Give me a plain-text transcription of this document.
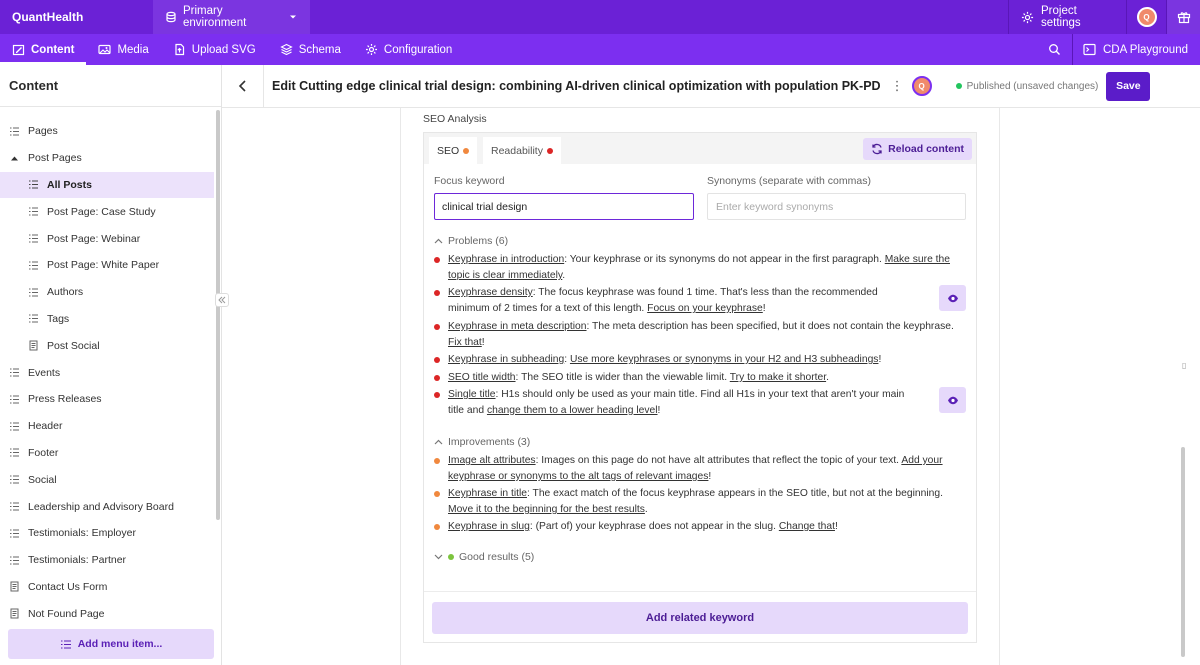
QuantHealth	Primary environment
Project settings	Q
Content	Media	Upload SVG	Schema	Configuration	CDA Playground
Content
Pages
Post Pages
All Posts
Post Page: Case Study
Post Page: Webinar
Post Page: White Paper
Authors
Tags
Post Social
Events
Press Releases
Header
Footer
Social
Leadership and Advisory Board
Testimonials: Employer
Testimonials: Partner
Contact Us Form
Not Found Page
Add menu item...
Edit Cutting edge clinical trial design: combining AI-driven clinical optimization with population PK-PD ⋮	Q	Published (unsaved changes)	Save
▯
SEO Analysis
SEO	Readability	Reload content
Focus keyword
clinical trial design
Synonyms (separate with commas)
Enter keyword synonyms
Problems (6)
Keyphrase in introduction: Your keyphrase or its synonyms do not appear in the first paragraph. Make sure the topic is clear immediately.
Keyphrase density: The focus keyphrase was found 1 time. That's less than the recommended minimum of 2 times for a text of this length. Focus on your keyphrase!
Keyphrase in meta description: The meta description has been specified, but it does not contain the keyphrase. Fix that!
Keyphrase in subheading: Use more keyphrases or synonyms in your H2 and H3 subheadings!
SEO title width: The SEO title is wider than the viewable limit. Try to make it shorter.
Single title: H1s should only be used as your main title. Find all H1s in your text that aren't your main title and change them to a lower heading level!
Improvements (3)
Image alt attributes: Images on this page do not have alt attributes that reflect the topic of your text. Add your keyphrase or synonyms to the alt tags of relevant images!
Keyphrase in title: The exact match of the focus keyphrase appears in the SEO title, but not at the beginning. Move it to the beginning for the best results.
Keyphrase in slug: (Part of) your keyphrase does not appear in the slug. Change that!
Good results (5)
Add related keyword
